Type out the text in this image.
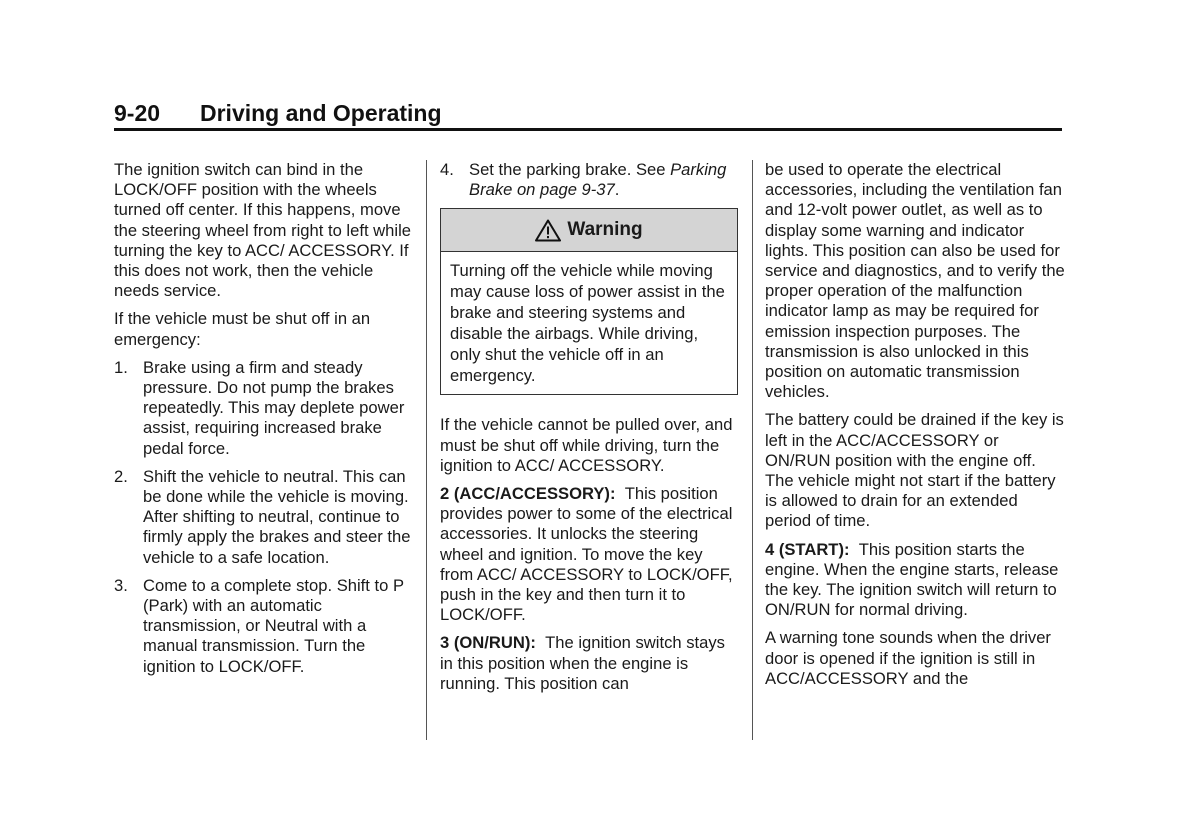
9-20	Driving and Operating

The ignition switch can bind in the LOCK/OFF position with the wheels turned off center. If this happens, move the steering wheel from right to left while turning the key to ACC/ ACCESSORY. If this does not work, then the vehicle needs service.

If the vehicle must be shut off in an emergency:

1. Brake using a firm and steady pressure. Do not pump the brakes repeatedly. This may deplete power assist, requiring increased brake pedal force.
2. Shift the vehicle to neutral. This can be done while the vehicle is moving. After shifting to neutral, continue to firmly apply the brakes and steer the vehicle to a safe location.
3. Come to a complete stop. Shift to P (Park) with an automatic transmission, or Neutral with a manual transmission. Turn the ignition to LOCK/OFF.
4. Set the parking brake. See Parking Brake on page 9-37.
Warning
Turning off the vehicle while moving may cause loss of power assist in the brake and steering systems and disable the airbags. While driving, only shut the vehicle off in an emergency.

If the vehicle cannot be pulled over, and must be shut off while driving, turn the ignition to ACC/ ACCESSORY.

2 (ACC/ACCESSORY): This position provides power to some of the electrical accessories. It unlocks the steering wheel and ignition. To move the key from ACC/ ACCESSORY to LOCK/OFF, push in the key and then turn it to LOCK/OFF.

3 (ON/RUN): The ignition switch stays in this position when the engine is running. This position can

be used to operate the electrical accessories, including the ventilation fan and 12‑volt power outlet, as well as to display some warning and indicator lights. This position can also be used for service and diagnostics, and to verify the proper operation of the malfunction indicator lamp as may be required for emission inspection purposes. The transmission is also unlocked in this position on automatic transmission vehicles.

The battery could be drained if the key is left in the ACC/ACCESSORY or ON/RUN position with the engine off. The vehicle might not start if the battery is allowed to drain for an extended period of time.

4 (START): This position starts the engine. When the engine starts, release the key. The ignition switch will return to ON/RUN for normal driving.

A warning tone sounds when the driver door is opened if the ignition is still in ACC/ACCESSORY and the
